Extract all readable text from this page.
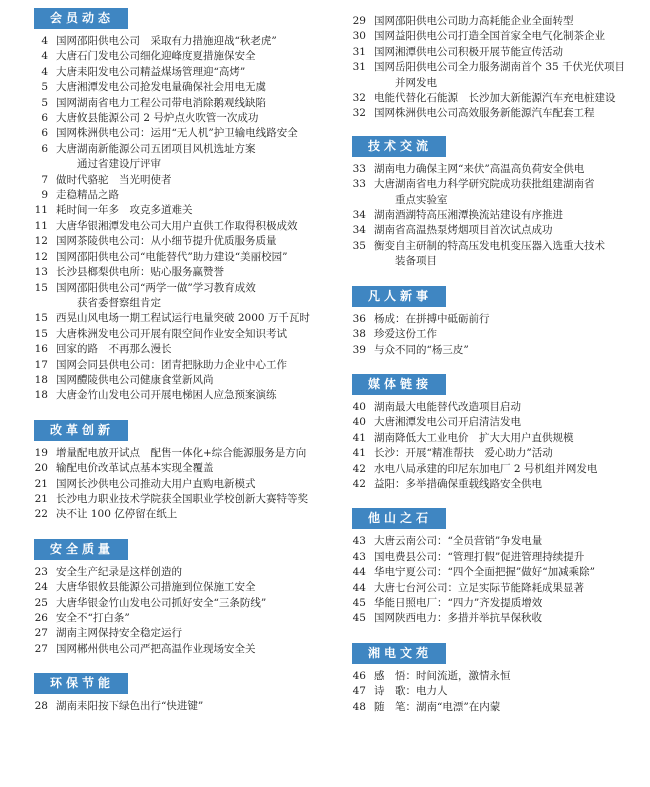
会员动态
4 国网邵阳供电公司　采取有力措施迎战“秋老虎”
4 大唐石门发电公司细化迎峰度夏措施保安全
4 大唐耒阳发电公司精益煤场管理迎“高烤”
5 大唐湘潭发电公司抢发电量确保社会用电无虞
5 国网湖南省电力工程公司带电消除鹅观线缺陷
6 大唐攸县能源公司 2 号炉点火吹管一次成功
6 国网株洲供电公司：运用“无人机”护卫输电线路安全
6 大唐湖南新能源公司五团项目风机选址方案
通过省建设厅评审
7 做时代骆驼　当光明使者
9 走稳精品之路
11 耗时间一年多　攻克多道难关
11 大唐华银湘潭发电公司大用户直供工作取得积极成效
12 国网茶陵供电公司：从小细节提升优质服务质量
12 国网邵阳供电公司“电能替代”助力建设“美丽校园”
13 长沙县榔梨供电所：贴心服务赢赞誉
15 国网邵阳供电公司“两学一做”学习教育成效
获省委督察组肯定
15 西晃山风电场一期工程试运行电量突破 2000 万千瓦时
15 大唐株洲发电公司开展有限空间作业安全知识考试
16 回家的路　不再那么漫长
17 国网会同县供电公司：团青把脉助力企业中心工作
18 国网醴陵供电公司健康食堂新风尚
18 大唐金竹山发电公司开展电梯困人应急预案演练
改革创新
19 增量配电放开试点　配售一体化+综合能源服务是方向
20 输配电价改革试点基本实现全覆盖
21 国网长沙供电公司推动大用户直购电新模式
21 长沙电力职业技术学院获全国职业学校创新大赛特等奖
22 决不让 100 亿停留在纸上
安全质量
23 安全生产纪录是这样创造的
24 大唐华银攸县能源公司措施到位保施工安全
25 大唐华银金竹山发电公司抓好安全“三条防线”
26 安全不“打白条”
27 湖南主网保持安全稳定运行
27 国网郴州供电公司严把高温作业现场安全关
环保节能
28 湖南耒阳按下绿色出行“快进键”
29 国网邵阳供电公司助力高耗能企业全面转型
30 国网益阳供电公司打造全国首家全电气化制茶企业
31 国网湘潭供电公司积极开展节能宣传活动
31 国网岳阳供电公司全力服务湖南首个 35 千伏光伏项目
并网发电
32 电能代替化石能源　长沙加大新能源汽车充电桩建设
32 国网株洲供电公司高效服务新能源汽车配套工程
技术交流
33 湖南电力确保主网“来伏”高温高负荷安全供电
33 大唐湖南省电力科学研究院成功获批组建湖南省
重点实验室
34 湖南酒湖特高压湘潭换流站建设有序推进
34 湖南省高温热泵烤烟项目首次试点成功
35 衡变自主研制的特高压发电机变压器入选重大技术
装备项目
凡人新事
36 杨成：在拼搏中砥砺前行
38 珍爱这份工作
39 与众不同的“杨三皮”
媒体链接
40 湖南最大电能替代改造项目启动
40 大唐湘潭发电公司开启清洁发电
41 湖南降低大工业电价　扩大大用户直供规模
41 长沙：开展“精准帮扶　爱心助力”活动
42 水电八局承建的印尼东加电厂 2 号机组并网发电
42 益阳：多举措确保重载线路安全供电
他山之石
43 大唐云南公司：“全员营销”争发电量
43 国电费县公司：“管理打假”促进管理持续提升
44 华电宁夏公司：“四个全面把握”做好“加减乘除”
44 大唐七台河公司：立足实际节能降耗成果显著
45 华能日照电厂：“四力”齐发提质增效
45 国网陕西电力：多措并举抗旱保秋收
湘电文苑
46 感　悟：时间流逝，激情永恒
47 诗　歌：电力人
48 随　笔：湖南“电漂”在内蒙
